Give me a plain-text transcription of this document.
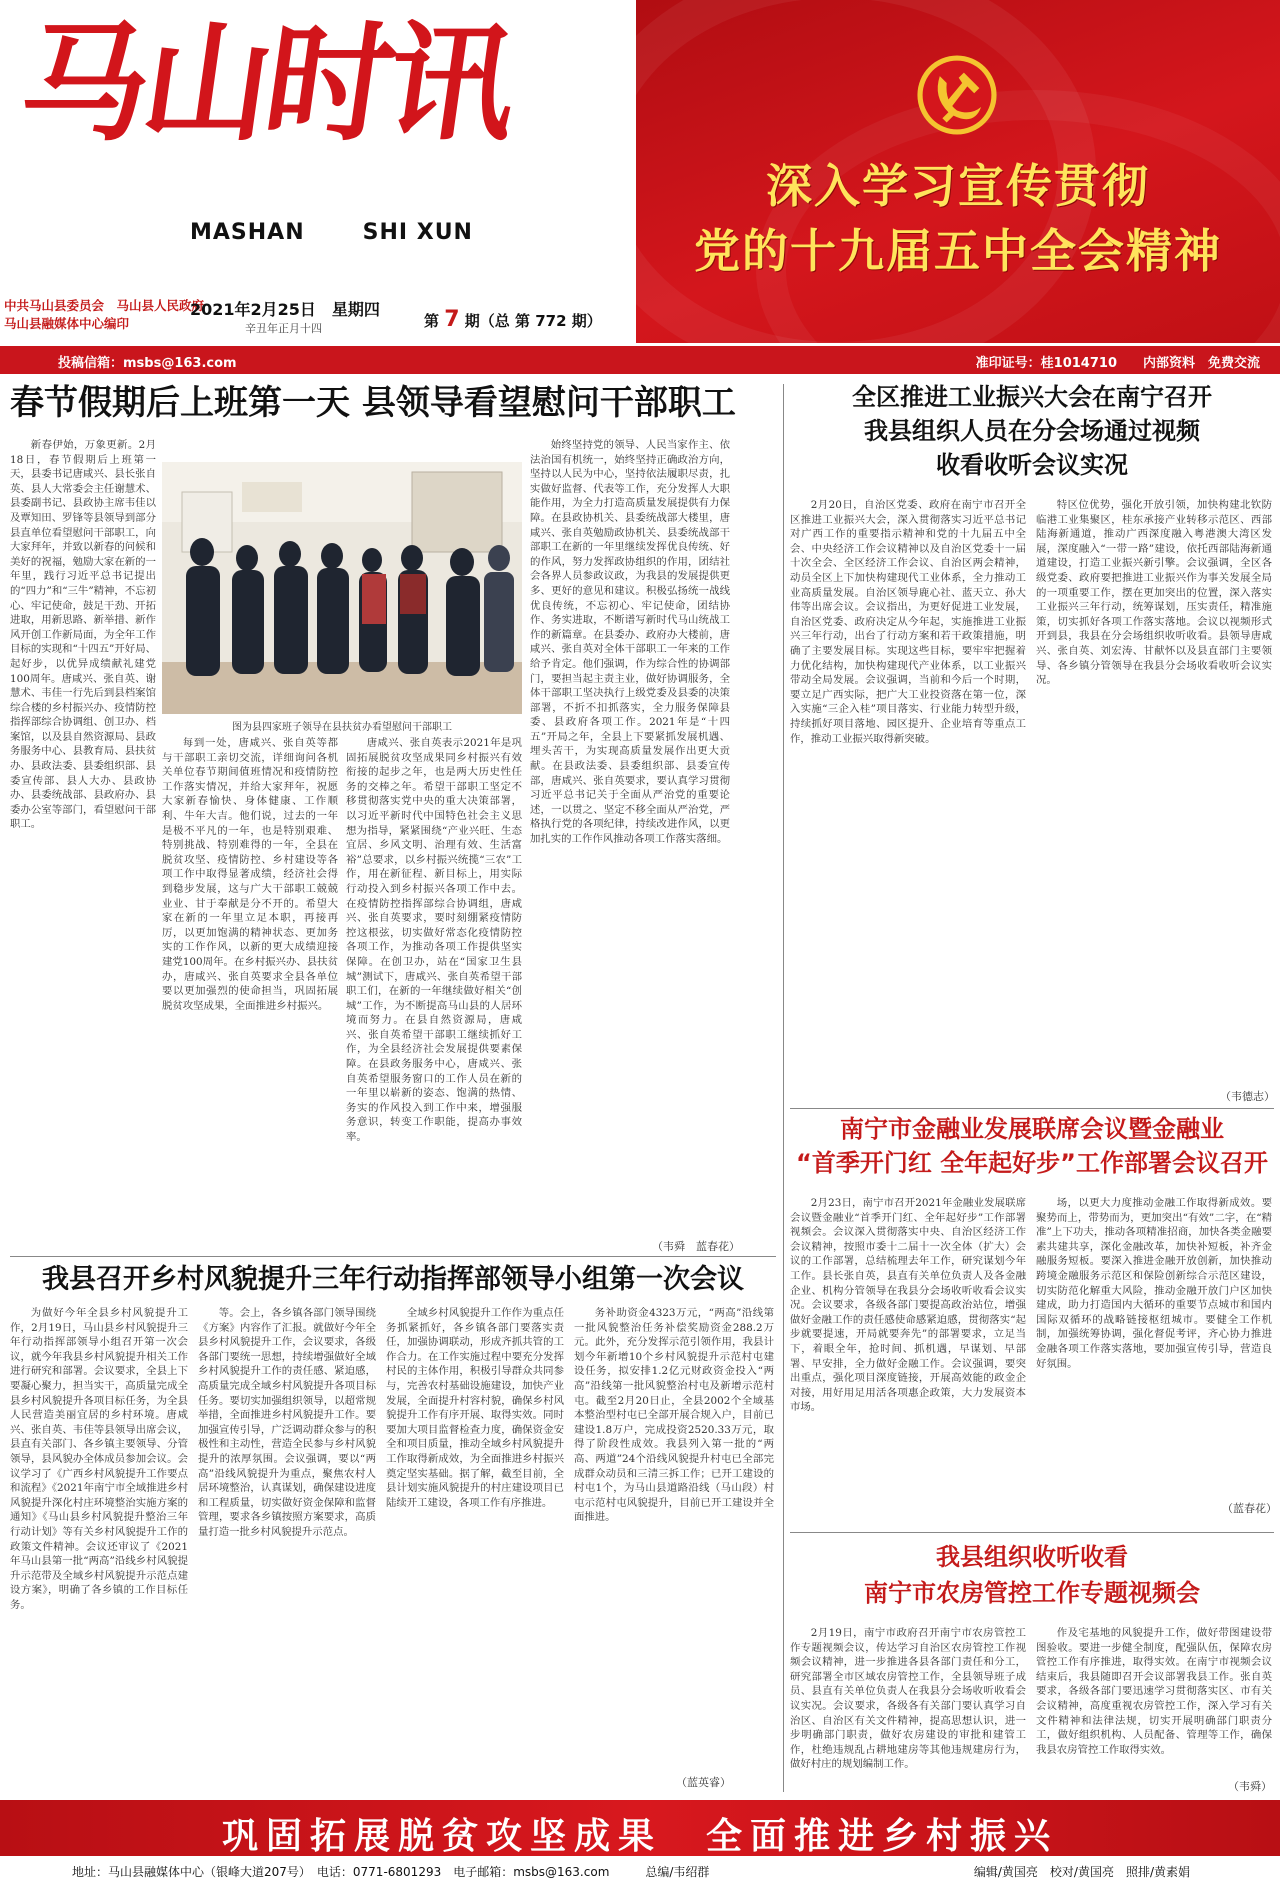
马山时讯
MASHAN	SHI XUN
深入学习宣传贯彻
党的十九届五中全会精神
中共马山县委员会　马山县人民政府
马山县融媒体中心编印
2021年2月25日　星期四
辛丑年正月十四	第 7 期（总 第 772 期）
投稿信箱：msbs@163.com	准印证号：桂1014710　　内部资料　免费交流
春节假期后上班第一天 县领导看望慰问干部职工

新春伊始，万象更新。2月18日，春节假期后上班第一天，县委书记唐咸兴、县长张自英、县人大常委会主任谢慧术、县委副书记、县政协主席韦佳以及覃知田、罗锋等县领导到部分县直单位看望慰问干部职工，向大家拜年，并致以新春的问候和美好的祝福，勉励大家在新的一年里，践行习近平总书记提出的“四力”和“三牛”精神，不忘初心、牢记使命，鼓足干劲、开拓进取，用新思路、新举措、新作风开创工作新局面，为全年工作目标的实现和“十四五”开好局、起好步，以优异成绩献礼建党100周年。唐咸兴、张自英、谢慧术、韦佳一行先后到县档案馆综合楼的乡村振兴办、疫情防控指挥部综合协调组、创卫办、档案馆，以及县自然资源局、县政务服务中心、县教育局、县扶贫办、县政法委、县委组织部、县委宣传部、县人大办、县政协办、县委统战部、县政府办、县委办公室等部门，看望慰问干部职工。

图为县四家班子领导在县扶贫办看望慰问干部职工

每到一处，唐咸兴、张自英等都与干部职工亲切交流，详细询问各机关单位春节期间值班情况和疫情防控工作落实情况，并给大家拜年，祝愿大家新春愉快、身体健康、工作顺利、牛年大吉。他们说，过去的一年是极不平凡的一年，也是特别艰难、特别挑战、特别难得的一年，全县在脱贫攻坚、疫情防控、乡村建设等各项工作中取得显著成绩，经济社会得到稳步发展，这与广大干部职工兢兢业业、甘于奉献是分不开的。希望大家在新的一年里立足本职，再接再厉，以更加饱满的精神状态、更加务实的工作作风，以新的更大成绩迎接建党100周年。在乡村振兴办、县扶贫办，唐咸兴、张自英要求全县各单位要以更加强烈的使命担当，巩固拓展脱贫攻坚成果，全面推进乡村振兴。

唐咸兴、张自英表示2021年是巩固拓展脱贫攻坚成果同乡村振兴有效衔接的起步之年，也是两大历史性任务的交棒之年。希望干部职工坚定不移贯彻落实党中央的重大决策部署，以习近平新时代中国特色社会主义思想为指导，紧紧围绕“产业兴旺、生态宜居、乡风文明、治理有效、生活富裕”总要求，以乡村振兴统揽“三农”工作，用在新征程、新目标上，用实际行动投入到乡村振兴各项工作中去。在疫情防控指挥部综合协调组，唐咸兴、张自英要求，要时刻绷紧疫情防控这根弦，切实做好常态化疫情防控各项工作，为推动各项工作提供坚实保障。在创卫办，站在“国家卫生县城”测试下，唐咸兴、张自英希望干部职工们，在新的一年继续做好相关“创城”工作，为不断提高马山县的人居环境而努力。在县自然资源局，唐咸兴、张自英希望干部职工继续抓好工作，为全县经济社会发展提供要素保障。在县政务服务中心，唐咸兴、张自英希望服务窗口的工作人员在新的一年里以崭新的姿态、饱满的热情、务实的作风投入到工作中来，增强服务意识，转变工作职能，提高办事效率。

始终坚持党的领导、人民当家作主、依法治国有机统一，始终坚持正确政治方向，坚持以人民为中心，坚持依法履职尽责，扎实做好监督、代表等工作，充分发挥人大职能作用，为全力打造高质量发展提供有力保障。在县政协机关、县委统战部大楼里，唐咸兴、张自英勉励政协机关、县委统战部干部职工在新的一年里继续发挥优良传统、好的作风，努力发挥政协组织的作用，团结社会各界人员参政议政，为我县的发展提供更多、更好的意见和建议。积极弘扬统一战线优良传统，不忘初心、牢记使命，团结协作、务实进取，不断谱写新时代马山统战工作的新篇章。在县委办、政府办大楼前，唐咸兴、张自英对全体干部职工一年来的工作给予肯定。他们强调，作为综合性的协调部门，要担当起主责主业，做好协调服务，全体干部职工坚决执行上级党委及县委的决策部署，不折不扣抓落实，全力服务保障县委、县政府各项工作。2021年是“十四五”开局之年，全县上下要紧抓发展机遇、埋头苦干，为实现高质量发展作出更大贡献。在县政法委、县委组织部、县委宣传部，唐咸兴、张自英要求，要认真学习贯彻习近平总书记关于全面从严治党的重要论述，一以贯之、坚定不移全面从严治党，严格执行党的各项纪律，持续改进作风，以更加扎实的工作作风推动各项工作落实落细。

（韦舜　蓝春花）
全区推进工业振兴大会在南宁召开
我县组织人员在分会场通过视频
收看收听会议实况

2月20日，自治区党委、政府在南宁市召开全区推进工业振兴大会，深入贯彻落实习近平总书记对广西工作的重要指示精神和党的十九届五中全会、中央经济工作会议精神以及自治区党委十一届十次全会、全区经济工作会议、自治区两会精神，动员全区上下加快构建现代工业体系，全力推动工业高质量发展。自治区领导鹿心社、蓝天立、孙大伟等出席会议。会议指出，为更好促进工业发展，自治区党委、政府决定从今年起，实施推进工业振兴三年行动，出台了行动方案和若干政策措施，明确了主要发展目标。实现这些目标，要牢牢把握着力优化结构，加快构建现代产业体系，以工业振兴带动全局发展。会议强调，当前和今后一个时期，要立足广西实际，把广大工业投资落在第一位，深入实施“三企入桂”项目落实、行业能力转型升级，持续抓好项目落地、园区提升、企业培育等重点工作，推动工业振兴取得新突破。

特区位优势，强化开放引领，加快构建北钦防临港工业集聚区，桂东承接产业转移示范区、西部陆海新通道，推动广西深度融入粤港澳大湾区发展，深度融入“一带一路”建设，依托西部陆海新通道建设，打造工业振兴新引擎。会议强调，全区各级党委、政府要把推进工业振兴作为事关发展全局的一项重要工作，摆在更加突出的位置，深入落实工业振兴三年行动，统筹谋划，压实责任，精准施策，切实抓好各项工作落实落地。会议以视频形式开到县，我县在分会场组织收听收看。县领导唐咸兴、张自英、刘宏涛、甘献怀以及县直部门主要领导、各乡镇分管领导在我县分会场收看收听会议实况。

（韦德志）
南宁市金融业发展联席会议暨金融业
“首季开门红 全年起好步”工作部署会议召开

2月23日，南宁市召开2021年金融业发展联席会议暨金融业“首季开门红、全年起好步”工作部署视频会。会议深入贯彻落实中央、自治区经济工作会议精神，按照市委十二届十一次全体（扩大）会议的工作部署，总结梳理去年工作，研究谋划今年工作。县长张自英，县直有关单位负责人及各金融企业、机构分管领导在我县分会场收听收看会议实况。会议要求，各级各部门要提高政治站位，增强做好金融工作的责任感使命感紧迫感，贯彻落实“起步就要提速，开局就要奔先”的部署要求，立足当下，着眼全年，抢时间、抓机遇，早谋划、早部署、早安排，全力做好金融工作。会议强调，要突出重点，强化项目深度链接，开展高效能的政金企对接，用好用足用活各项惠企政策，大力发展资本市场。

场，以更大力度推动金融工作取得新成效。要聚势而上，带势而为，更加突出“有效”二字，在“精准”上下功夫，推动各项精准招商，加快各类金融要素共建共享，深化金融改革，加快补短板，补齐金融服务短板。要深入推进金融开放创新，加快推动跨境金融服务示范区和保险创新综合示范区建设，切实防范化解重大风险，推动金融开放门户区加快建成，助力打造国内大循环的重要节点城市和国内国际双循环的战略链接枢纽城市。要健全工作机制，加强统筹协调，强化督促考评，齐心协力推进金融各项工作落实落地，要加强宣传引导，营造良好氛围。

（蓝春花）
我县组织收听收看
南宁市农房管控工作专题视频会

2月19日，南宁市政府召开南宁市农房管控工作专题视频会议，传达学习自治区农房管控工作视频会议精神，进一步推进各县各部门责任和分工，研究部署全市区域农房管控工作，全县领导班子成员、县直有关单位负责人在我县分会场收听收看会议实况。会议要求，各级各有关部门要认真学习自治区、自治区有关文件精神，提高思想认识，进一步明确部门职责，做好农房建设的审批和建管工作，杜绝违规乱占耕地建房等其他违规建房行为，做好村庄的规划编制工作。

作及宅基地的风貌提升工作，做好带图建设带图验收。要进一步健全制度，配强队伍，保障农房管控工作有序推进，取得实效。在南宁市视频会议结束后，我县随即召开会议部署我县工作。张自英要求，各级各部门要迅速学习贯彻落实区、市有关会议精神，高度重视农房管控工作，深入学习有关文件精神和法律法规，切实开展明确部门职责分工，做好组织机构、人员配备、管理等工作，确保我县农房管控工作取得实效。

（韦舜）
我县召开乡村风貌提升三年行动指挥部领导小组第一次会议

为做好今年全县乡村风貌提升工作，2月19日，马山县乡村风貌提升三年行动指挥部领导小组召开第一次会议，就今年我县乡村风貌提升相关工作进行研究和部署。会议要求，全县上下要凝心聚力，担当实干，高质量完成全县乡村风貌提升各项目标任务，为全县人民营造美丽宜居的乡村环境。唐咸兴、张自英、韦佳等县领导出席会议，县直有关部门、各乡镇主要领导、分管领导，县风貌办全体成员参加会议。会议学习了《广西乡村风貌提升工作要点和流程》《2021年南宁市全域推进乡村风貌提升深化村庄环境整治实施方案的通知》《马山县乡村风貌提升整治三年行动计划》等有关乡村风貌提升工作的政策文件精神。会议还审议了《2021年马山县第一批“两高”沿线乡村风貌提升示范带及全域乡村风貌提升示范点建设方案》，明确了各乡镇的工作目标任务。

等。会上，各乡镇各部门领导围绕《方案》内容作了汇报。就做好今年全县乡村风貌提升工作，会议要求，各级各部门要统一思想，持续增强做好全域乡村风貌提升工作的责任感、紧迫感，高质量完成全域乡村风貌提升各项目标任务。要切实加强组织领导，以超常规举措，全面推进乡村风貌提升工作。要加强宣传引导，广泛调动群众参与的积极性和主动性，营造全民参与乡村风貌提升的浓厚氛围。会议强调，要以“两高”沿线风貌提升为重点，聚焦农村人居环境整治，认真谋划，确保建设进度和工程质量，切实做好资金保障和监督管理，要求各乡镇按照方案要求，高质量打造一批乡村风貌提升示范点。

全域乡村风貌提升工作作为重点任务抓紧抓好，各乡镇各部门要落实责任，加强协调联动，形成齐抓共管的工作合力。在工作实施过程中要充分发挥村民的主体作用，积极引导群众共同参与，完善农村基础设施建设，加快产业发展，全面提升村容村貌，确保乡村风貌提升工作有序开展、取得实效。同时要加大项目监督检查力度，确保资金安全和项目质量，推动全域乡村风貌提升工作取得新成效，为全面推进乡村振兴奠定坚实基础。据了解，截至目前，全县计划实施风貌提升的村庄建设项目已陆续开工建设，各项工作有序推进。

务补助资金4323万元，“两高”沿线第一批风貌整治任务补偿奖励资金288.2万元。此外，充分发挥示范引领作用，我县计划今年新增10个乡村风貌提升示范村屯建设任务，拟安排1.2亿元财政资金投入“两高”沿线第一批风貌整治村屯及新增示范村屯。截至2月20日止，全县2002个全域基本整治型村屯已全部开展合规入户，目前已建设1.8万户，完成投资2520.33万元，取得了阶段性成效。我县列入第一批的“两高、两道”24个沿线风貌提升村屯已全部完成群众动员和三清三拆工作；已开工建设的村屯1个，为马山县道路沿线（马山段）村屯示范村屯风貌提升，目前已开工建设并全面推进。

（蓝英睿）
巩固拓展脱贫攻坚成果　全面推进乡村振兴
地址：马山县融媒体中心（银峰大道207号）　电话：0771-6801293　电子邮箱：msbs@163.com　　　总编/韦绍群	编辑/黄国亮　校对/黄国亮　照排/黄素娟
